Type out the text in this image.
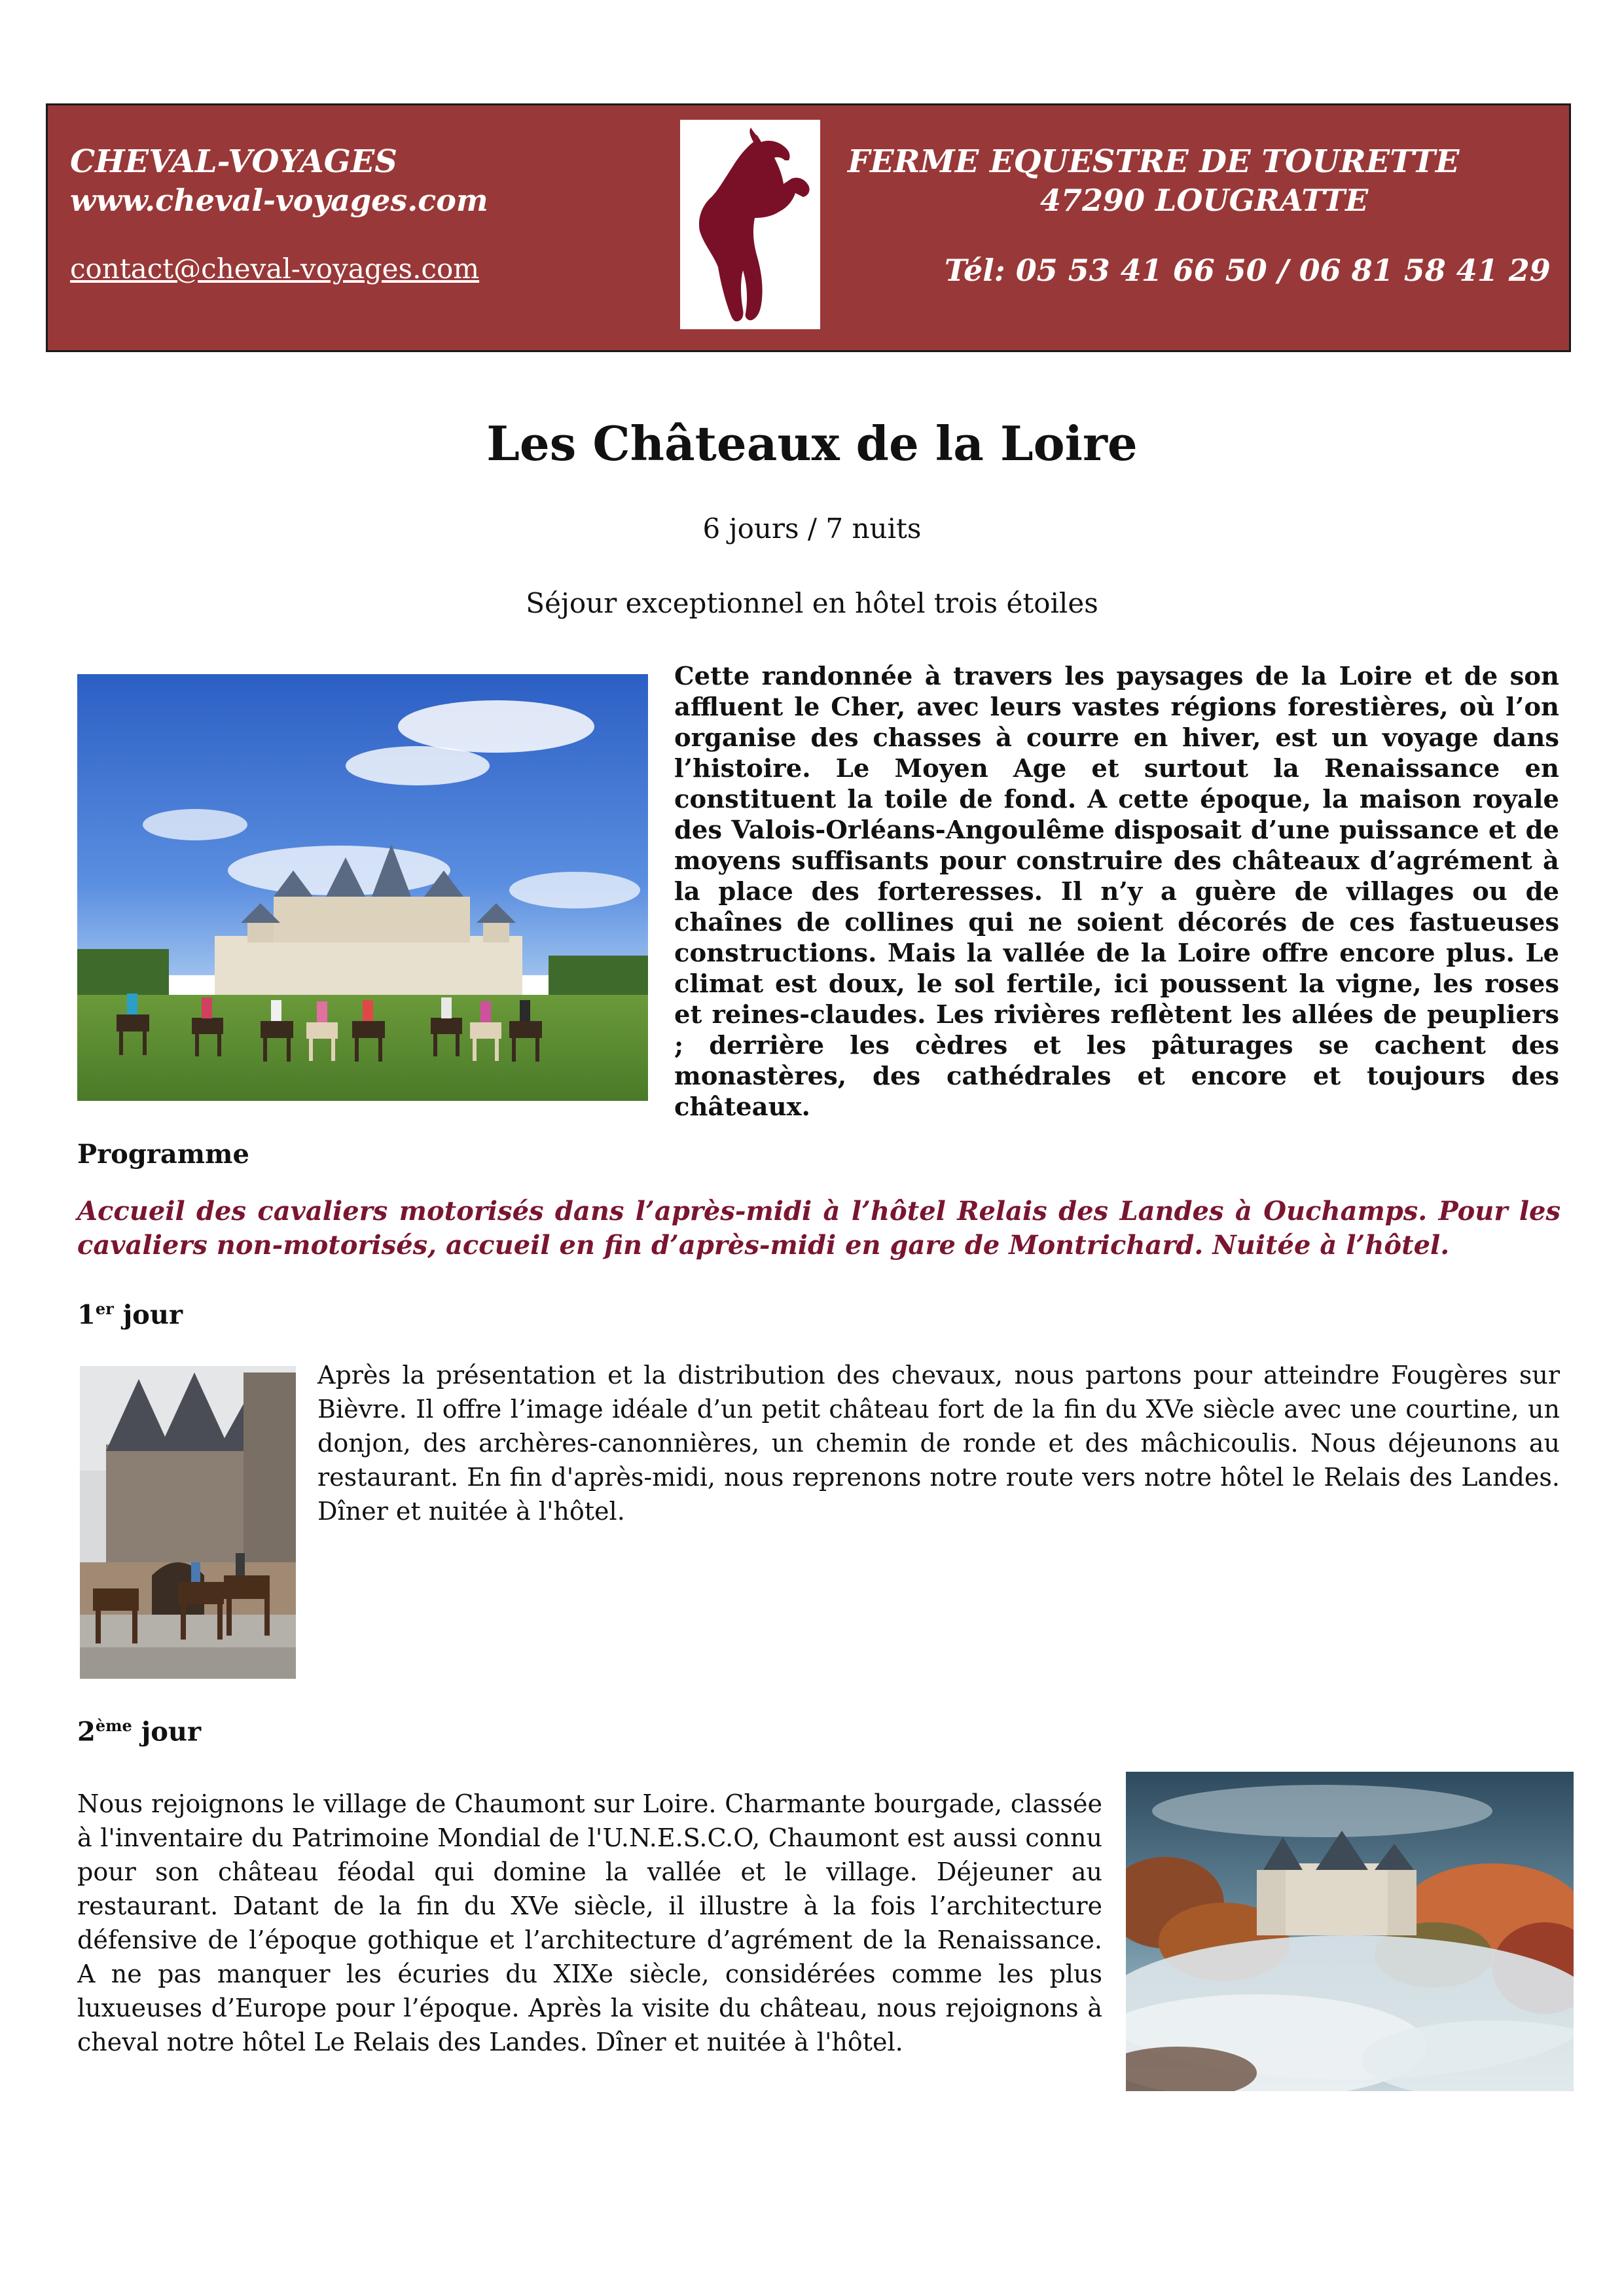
CHEVAL-VOYAGES
www.cheval-voyages.com
contact@cheval-voyages.com
FERME EQUESTRE DE TOURETTE
47290 LOUGRATTE
Tél: 05 53 41 66 50 / 06 81 58 41 29
Les Châteaux de la Loire
6 jours / 7 nuits
Séjour exceptionnel en hôtel trois étoiles
Cette randonnée à travers les paysages de la Loire et de son affluent le Cher, avec leurs vastes régions forestières, où l’on organise des chasses à courre en hiver, est un voyage dans l’histoire. Le Moyen Age et surtout la Renaissance en constituent la toile de fond. A cette époque, la maison royale des Valois-Orléans-Angoulême disposait d’une puissance et de moyens suffisants pour construire des châteaux d’agrément à la place des forteresses. Il n’y a guère de villages ou de chaînes de collines qui ne soient décorés de ces fastueuses constructions. Mais la vallée de la Loire offre encore plus. Le climat est doux, le sol fertile, ici poussent la vigne, les roses et reines-claudes. Les rivières reflètent les allées de peupliers ; derrière les cèdres et les pâturages se cachent des monastères, des cathédrales et encore et toujours des châteaux.
Programme
Accueil des cavaliers motorisés dans l’après-midi à l’hôtel Relais des Landes à Ouchamps. Pour les cavaliers non-motorisés, accueil en fin d’après-midi en gare de Montrichard. Nuitée à l’hôtel.
1er jour
Après la présentation et la distribution des chevaux, nous partons pour atteindre Fougères sur Bièvre. Il offre l’image idéale d’un petit château fort de la fin du XVe siècle avec une courtine, un donjon, des archères-canonnières, un chemin de ronde et des mâchicoulis. Nous déjeunons au restaurant. En fin d'après-midi, nous reprenons notre route vers notre hôtel le Relais des Landes. Dîner et nuitée à l'hôtel.
2ème jour
Nous rejoignons le village de Chaumont sur Loire. Charmante bourgade, classée à l'inventaire du Patrimoine Mondial de l'U.N.E.S.C.O, Chaumont est aussi connu pour son château féodal qui domine la vallée et le village. Déjeuner au restaurant. Datant de la fin du XVe siècle, il illustre à la fois l’architecture défensive de l’époque gothique et l’architecture d’agrément de la Renaissance. A ne pas manquer les écuries du XIXe siècle, considérées comme les plus luxueuses d’Europe pour l’époque. Après la visite du château, nous rejoignons à cheval notre hôtel Le Relais des Landes. Dîner et nuitée à l'hôtel.
